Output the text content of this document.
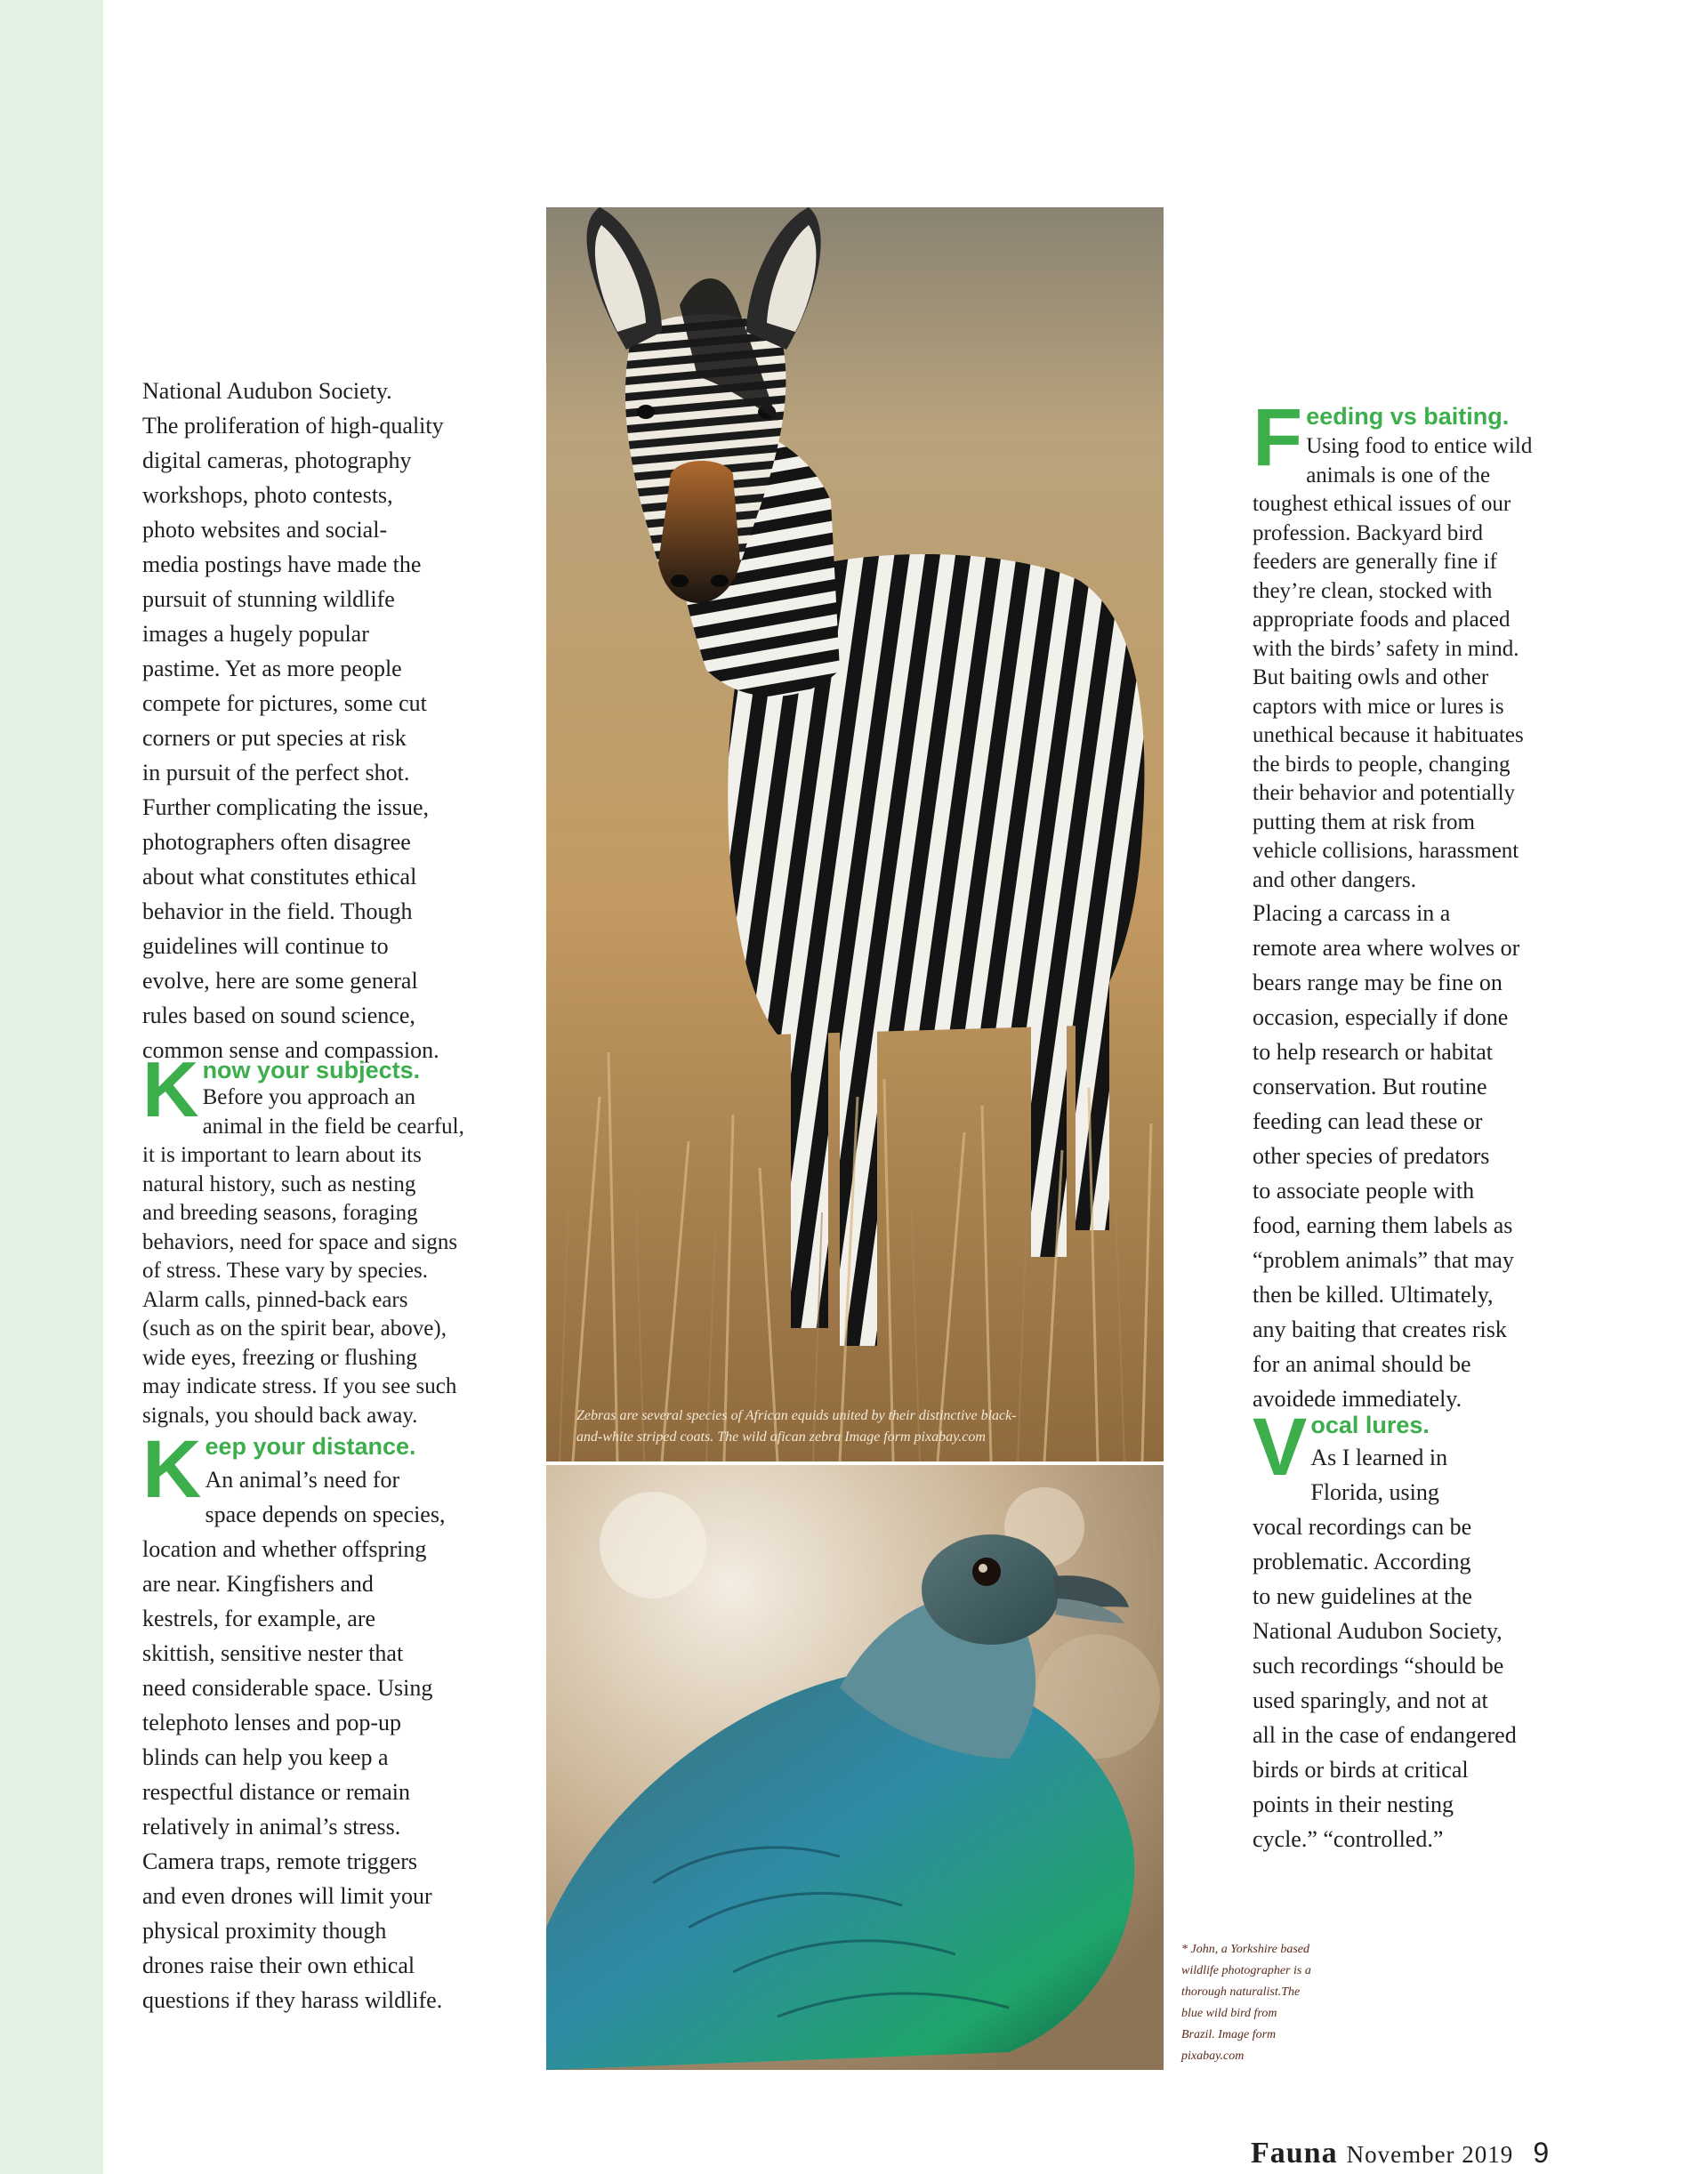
National Audubon Society.

The proliferation of high-quality

digital cameras, photography

workshops, photo contests,

photo websites and social-

media postings have made the

pursuit of stunning wildlife

images a hugely popular

pastime. Yet as more people

compete for pictures, some cut

corners or put species at risk

in pursuit of the perfect shot.

Further complicating the issue,

photographers often disagree

about what constitutes ethical

behavior in the field. Though

guidelines will continue to

evolve, here are some general

rules based on sound science,

common sense and compassion.

K now your subjects.

Before you approach an

animal in the field be cearful,

it is important to learn about its

natural history, such as nesting

and breeding seasons, foraging

behaviors, need for space and signs

of stress. These vary by species.

Alarm calls, pinned-back ears

(such as on the spirit bear, above),

wide eyes, freezing or flushing

may indicate stress. If you see such

signals, you should back away.

K eep your distance.

An animal’s need for

space depends on species,

location and whether offspring

are near. Kingfishers and

kestrels, for example, are

skittish, sensitive nester that

need considerable space. Using

telephoto lenses and pop-up

blinds can help you keep a

respectful distance or remain

relatively in animal’s stress.

Camera traps, remote triggers

and even drones will limit your

physical proximity though

drones raise their own ethical

questions if they harass wildlife.

Zebras are several species of African equids united by their distinctive black-
and-white striped coats. The wild afican zebra Image form pixabay.com
* John, a Yorkshire based
wildlife photographer is a
thorough naturalist.The
blue wild bird from
Brazil. Image form
pixabay.com
F eeding vs baiting.

Using food to entice wild

animals is one of the

toughest ethical issues of our

profession. Backyard bird

feeders are generally fine if

they’re clean, stocked with

appropriate foods and placed

with the birds’ safety in mind.

But baiting owls and other

captors with mice or lures is

unethical because it habituates

the birds to people, changing

their behavior and potentially

putting them at risk from

vehicle collisions, harassment

and other dangers.

Placing a carcass in a

remote area where wolves or

bears range may be fine on

occasion, especially if done

to help research or habitat

conservation. But routine

feeding can lead these or

other species of predators

to associate people with

food, earning them labels as

“problem animals” that may

then be killed. Ultimately,

any baiting that creates risk

for an animal should be

avoidede immediately.

V ocal lures.

As I learned in

Florida, using

vocal recordings can be

problematic. According

to new guidelines at the

National Audubon Society,

such recordings “should be

used sparingly, and not at

all in the case of endangered

birds or birds at critical

points in their nesting

cycle.” “controlled.”

Fauna November 2019 9
